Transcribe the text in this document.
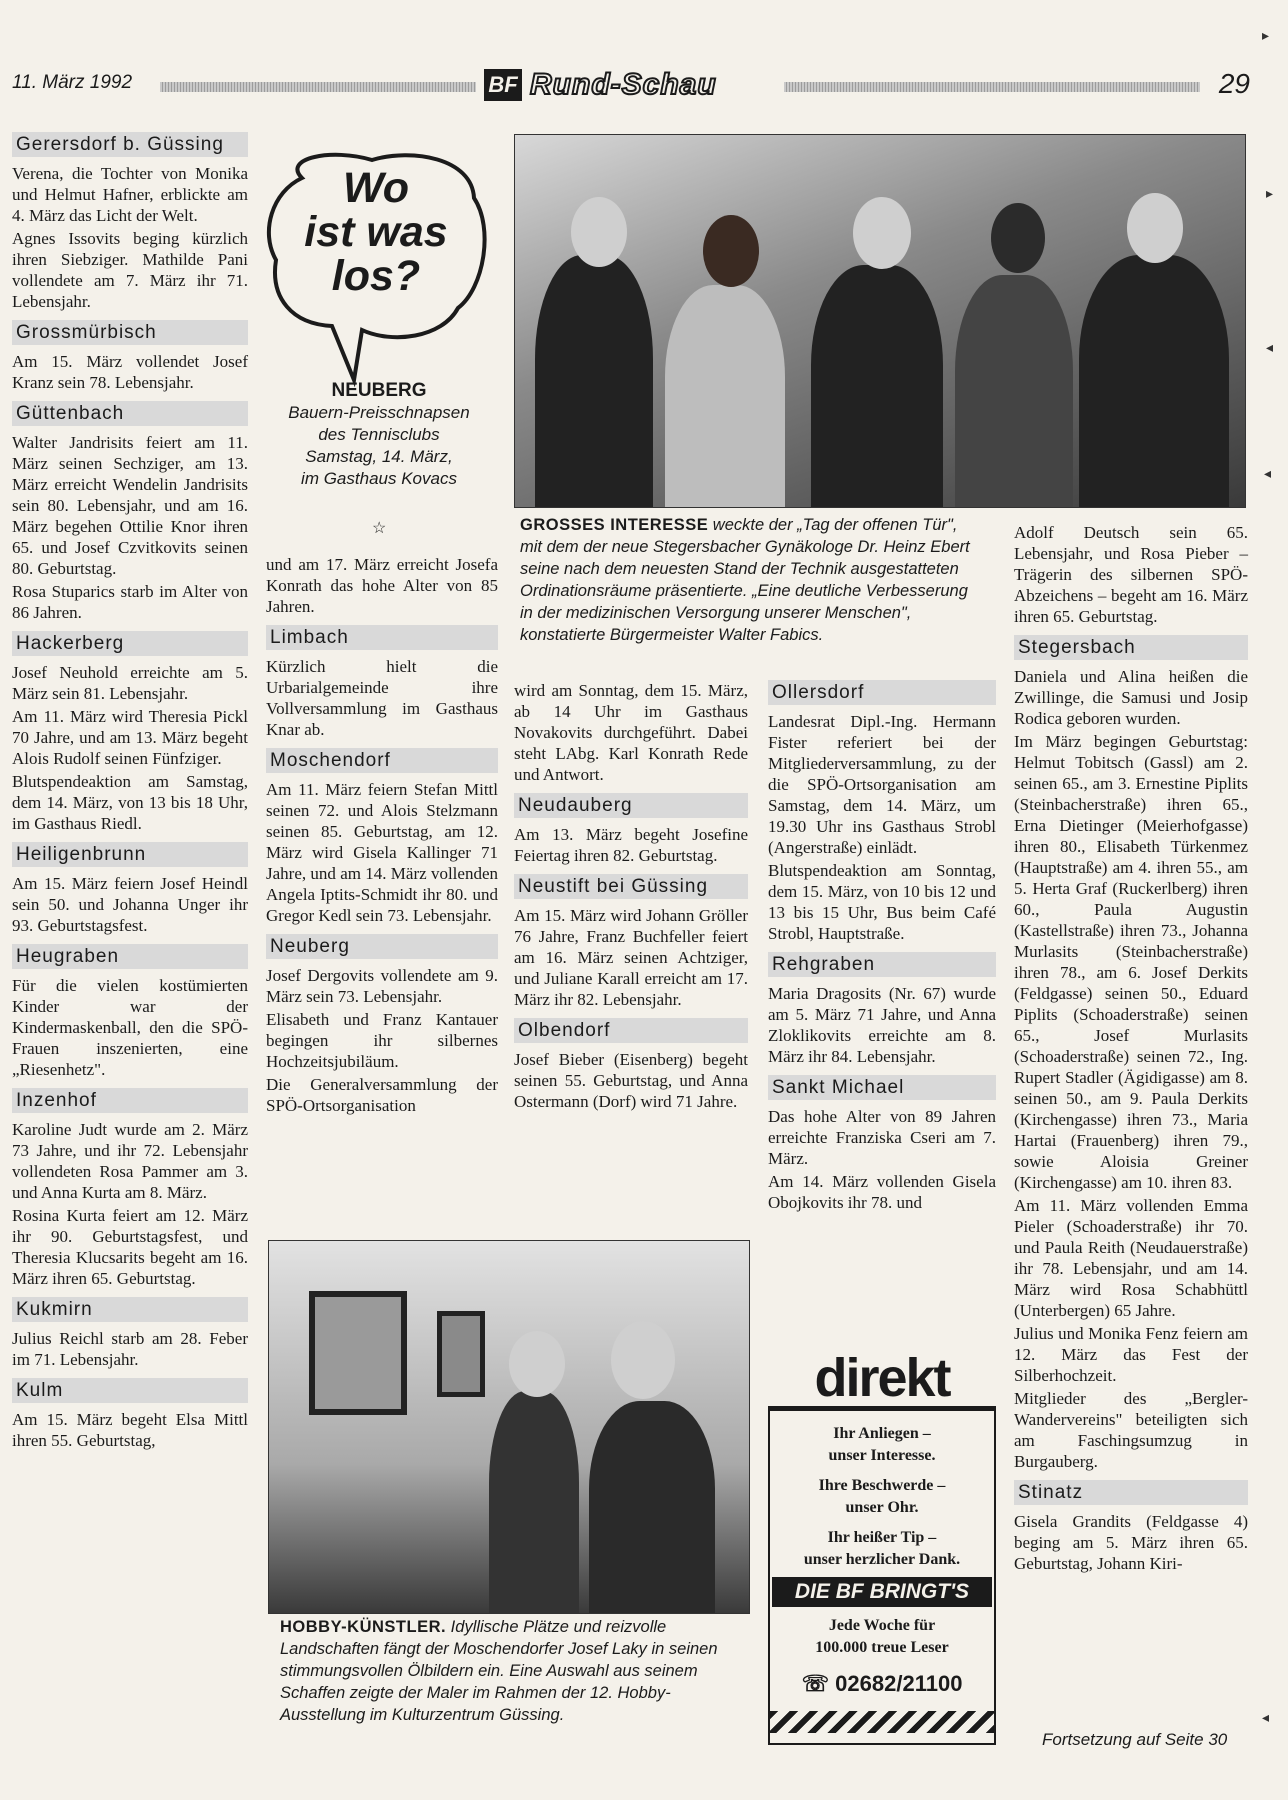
11. März 1992	BF Rund-Schau	29
Gerersdorf b. Güssing

Verena, die Tochter von Monika und Helmut Hafner, erblickte am 4. März das Licht der Welt.

Agnes Issovits beging kürzlich ihren Siebziger. Mathilde Pani vollendete am 7. März ihr 71. Lebensjahr.

Grossmürbisch

Am 15. März vollendet Josef Kranz sein 78. Lebensjahr.

Güttenbach

Walter Jandrisits feiert am 11. März seinen Sechziger, am 13. März erreicht Wendelin Jandrisits sein 80. Lebensjahr, und am 16. März begehen Ottilie Knor ihren 65. und Josef Czvitkovits seinen 80. Geburtstag.

Rosa Stuparics starb im Alter von 86 Jahren.

Hackerberg

Josef Neuhold erreichte am 5. März sein 81. Lebensjahr.

Am 11. März wird Theresia Pickl 70 Jahre, und am 13. März begeht Alois Rudolf seinen Fünfziger.

Blutspendeaktion am Samstag, dem 14. März, von 13 bis 18 Uhr, im Gasthaus Riedl.

Heiligenbrunn

Am 15. März feiern Josef Heindl sein 50. und Johanna Unger ihr 93. Geburtstagsfest.

Heugraben

Für die vielen kostümierten Kinder war der Kindermaskenball, den die SPÖ-Frauen inszenierten, eine „Riesenhetz".

Inzenhof

Karoline Judt wurde am 2. März 73 Jahre, und ihr 72. Lebensjahr vollendeten Rosa Pammer am 3. und Anna Kurta am 8. März.

Rosina Kurta feiert am 12. März ihr 90. Geburtstagsfest, und Theresia Klucsarits begeht am 16. März ihren 65. Geburtstag.

Kukmirn

Julius Reichl starb am 28. Feber im 71. Lebensjahr.

Kulm

Am 15. März begeht Elsa Mittl ihren 55. Geburtstag,

Wo
ist was
los?
NEUBERG
Bauern-Preisschnapsen
des Tennisclubs
Samstag, 14. März,
im Gasthaus Kovacs
☆

und am 17. März erreicht Josefa Konrath das hohe Alter von 85 Jahren.

Limbach

Kürzlich hielt die Urbarialgemeinde ihre Vollversammlung im Gasthaus Knar ab.

Moschendorf

Am 11. März feiern Stefan Mittl seinen 72. und Alois Stelzmann seinen 85. Geburtstag, am 12. März wird Gisela Kallinger 71 Jahre, und am 14. März vollenden Angela Iptits-Schmidt ihr 80. und Gregor Kedl sein 73. Lebensjahr.

Neuberg

Josef Dergovits vollendete am 9. März sein 73. Lebensjahr.

Elisabeth und Franz Kantauer begingen ihr silbernes Hochzeitsjubiläum.

Die Generalversammlung der SPÖ-Ortsorganisation

GROSSES INTERESSE weckte der „Tag der offenen Tür", mit dem der neue Stegersbacher Gynäkologe Dr. Heinz Ebert seine nach dem neuesten Stand der Technik ausgestatteten Ordinationsräume präsentierte. „Eine deutliche Verbesserung in der medizinischen Versorgung unserer Menschen", konstatierte Bürgermeister Walter Fabics.

wird am Sonntag, dem 15. März, ab 14 Uhr im Gasthaus Novakovits durchgeführt. Dabei steht LAbg. Karl Konrath Rede und Antwort.

Neudauberg

Am 13. März begeht Josefine Feiertag ihren 82. Geburtstag.

Neustift bei Güssing

Am 15. März wird Johann Gröller 76 Jahre, Franz Buchfeller feiert am 16. März seinen Achtziger, und Juliane Karall erreicht am 17. März ihr 82. Lebensjahr.

Olbendorf

Josef Bieber (Eisenberg) begeht seinen 55. Geburtstag, und Anna Ostermann (Dorf) wird 71 Jahre.

Ollersdorf

Landesrat Dipl.-Ing. Hermann Fister referiert bei der Mitgliederversammlung, zu der die SPÖ-Ortsorganisation am Samstag, dem 14. März, um 19.30 Uhr ins Gasthaus Strobl (Angerstraße) einlädt.

Blutspendeaktion am Sonntag, dem 15. März, von 10 bis 12 und 13 bis 15 Uhr, Bus beim Café Strobl, Hauptstraße.

Rehgraben

Maria Dragosits (Nr. 67) wurde am 5. März 71 Jahre, und Anna Zloklikovits erreichte am 8. März ihr 84. Lebensjahr.

Sankt Michael

Das hohe Alter von 89 Jahren erreichte Franziska Cseri am 7. März.

Am 14. März vollenden Gisela Obojkovits ihr 78. und

HOBBY-KÜNSTLER. Idyllische Plätze und reizvolle Landschaften fängt der Moschendorfer Josef Laky in seinen stimmungsvollen Ölbildern ein. Eine Auswahl aus seinem Schaffen zeigte der Maler im Rahmen der 12. Hobby-Ausstellung im Kulturzentrum Güssing.
direkt
Ihr Anliegen –
unser Interesse.
Ihre Beschwerde –
unser Ohr.
Ihr heißer Tip –
unser herzlicher Dank.
DIE BF BRINGT'S
Jede Woche für
100.000 treue Leser
☏ 02682/21100

Adolf Deutsch sein 65. Lebensjahr, und Rosa Pieber – Trägerin des silbernen SPÖ-Abzeichens – begeht am 16. März ihren 65. Geburtstag.

Stegersbach

Daniela und Alina heißen die Zwillinge, die Samusi und Josip Rodica geboren wurden.

Im März begingen Geburtstag: Helmut Tobitsch (Gassl) am 2. seinen 65., am 3. Ernestine Piplits (Steinbacherstraße) ihren 65., Erna Dietinger (Meierhofgasse) ihren 80., Elisabeth Türkenmez (Hauptstraße) am 4. ihren 55., am 5. Herta Graf (Ruckerlberg) ihren 60., Paula Augustin (Kastellstraße) ihren 73., Johanna Murlasits (Steinbacherstraße) ihren 78., am 6. Josef Derkits (Feldgasse) seinen 50., Eduard Piplits (Schoaderstraße) seinen 65., Josef Murlasits (Schoaderstraße) seinen 72., Ing. Rupert Stadler (Ägidigasse) am 8. seinen 50., am 9. Paula Derkits (Kirchengasse) ihren 73., Maria Hartai (Frauenberg) ihren 79., sowie Aloisia Greiner (Kirchengasse) am 10. ihren 83.

Am 11. März vollenden Emma Pieler (Schoaderstraße) ihr 70. und Paula Reith (Neudauerstraße) ihr 78. Lebensjahr, und am 14. März wird Rosa Schabhüttl (Unterbergen) 65 Jahre.

Julius und Monika Fenz feiern am 12. März das Fest der Silberhochzeit.

Mitglieder des „Bergler-Wandervereins" beteiligten sich am Faschingsumzug in Burgauberg.

Stinatz

Gisela Grandits (Feldgasse 4) beging am 5. März ihren 65. Geburtstag, Johann Kiri-

Fortsetzung auf Seite 30
▸
▸
◂
◂
◂
